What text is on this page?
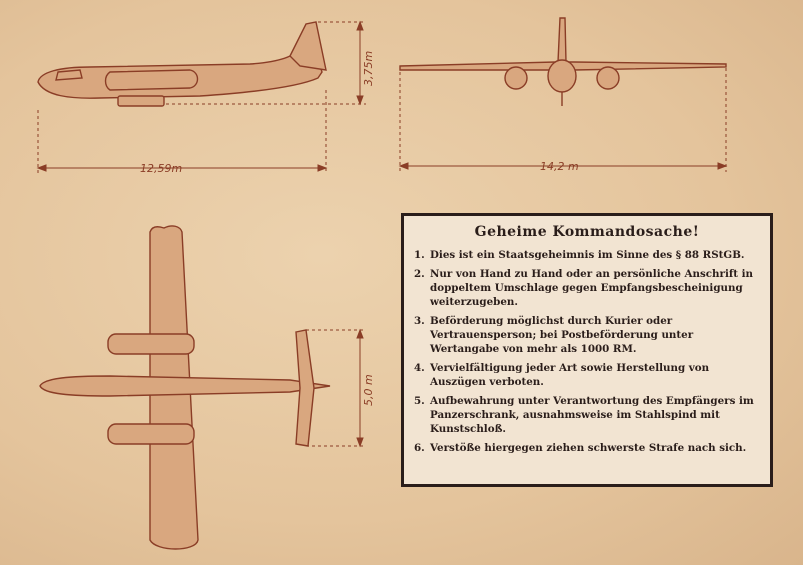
12,59m
3,75m
14,2 m
5,0 m
Geheime Kommandosache!
1. Dies ist ein Staatsgeheimnis im Sinne des § 88 RStGB.
2. Nur von Hand zu Hand oder an persönliche Anschrift in doppeltem Umschlage gegen Empfangsbescheinigung weiterzugeben.
3. Beförderung möglichst durch Kurier oder Vertrauensperson; bei Postbeförderung unter Wertangabe von mehr als 1000 RM.
4. Vervielfältigung jeder Art sowie Herstellung von Auszügen verboten.
5. Aufbewahrung unter Verantwortung des Empfängers im Panzerschrank, ausnahmsweise im Stahlspind mit Kunstschloß.
6. Verstöße hiergegen ziehen schwerste Strafe nach sich.
